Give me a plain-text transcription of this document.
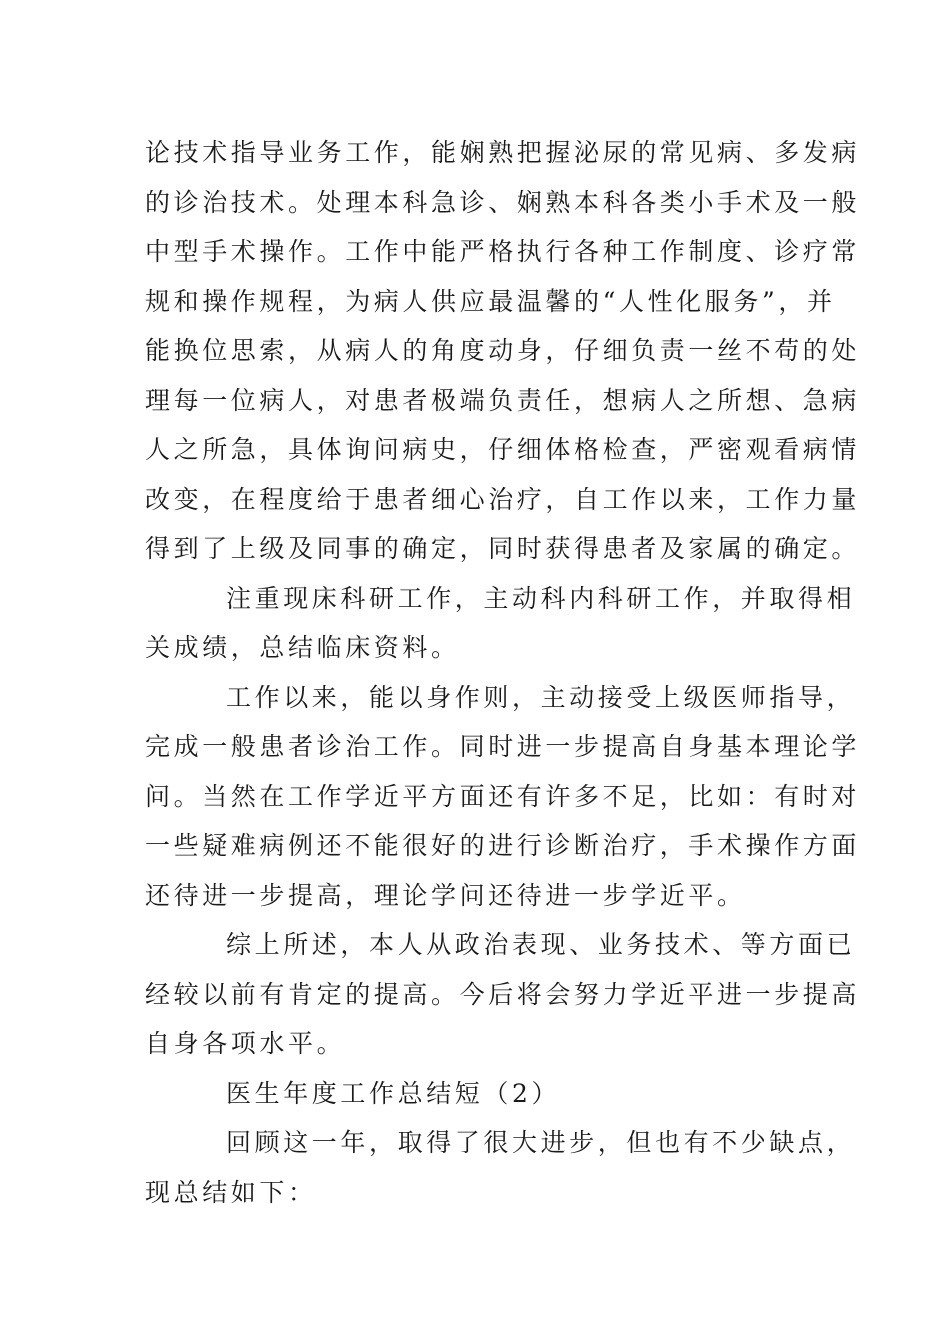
论技术指导业务工作，能娴熟把握泌尿的常见病、多发病
的诊治技术。处理本科急诊、娴熟本科各类小手术及一般
中型手术操作。工作中能严格执行各种工作制度、诊疗常
规和操作规程，为病人供应最温馨的“人性化服务”，并
能换位思索，从病人的角度动身，仔细负责一丝不苟的处
理每一位病人，对患者极端负责任，想病人之所想、急病
人之所急，具体询问病史，仔细体格检查，严密观看病情
改变，在程度给于患者细心治疗，自工作以来，工作力量
得到了上级及同事的确定，同时获得患者及家属的确定。
注重现床科研工作，主动科内科研工作，并取得相
关成绩，总结临床资料。
工作以来，能以身作则，主动接受上级医师指导，
完成一般患者诊治工作。同时进一步提高自身基本理论学
问。当然在工作学近平方面还有许多不足，比如：有时对
一些疑难病例还不能很好的进行诊断治疗，手术操作方面
还待进一步提高，理论学问还待进一步学近平。
综上所述，本人从政治表现、业务技术、等方面已
经较以前有肯定的提高。今后将会努力学近平进一步提高
自身各项水平。
医生年度工作总结短（2）
回顾这一年，取得了很大进步，但也有不少缺点，
现总结如下：
